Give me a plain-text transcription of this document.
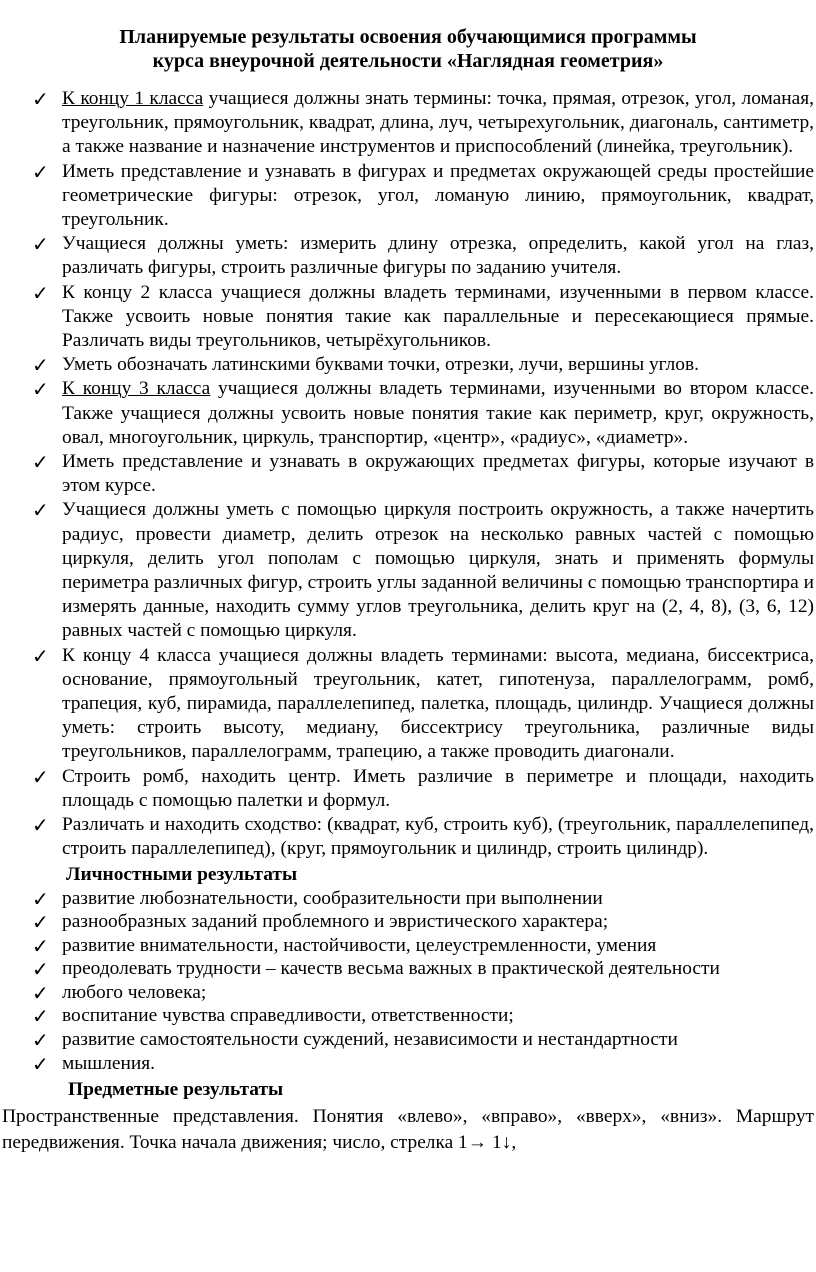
Планируемые результаты освоения обучающимися программы
курса внеурочной деятельности «Наглядная геометрия»
✓ К концу 1 класса учащиеся должны знать термины: точка, прямая, отрезок, угол, ломаная, треугольник, прямоугольник, квадрат, длина, луч, четырехугольник, диагональ, сантиметр, а также название и назначение инструментов и приспособлений (линейка, треугольник).
✓ Иметь представление и узнавать в фигурах и предметах окружающей среды простейшие геометрические фигуры: отрезок, угол, ломаную линию, прямоугольник, квадрат, треугольник.
✓ Учащиеся должны уметь: измерить длину отрезка, определить, какой угол на глаз, различать фигуры, строить различные фигуры по заданию учителя.
✓ К концу 2 класса учащиеся должны владеть терминами, изученными в первом классе. Также усвоить новые понятия такие как параллельные и пересекающиеся прямые. Различать виды треугольников, четырёхугольников.
✓ Уметь обозначать латинскими буквами точки, отрезки, лучи, вершины углов.
✓ К концу 3 класса учащиеся должны владеть терминами, изученными во втором классе. Также учащиеся должны усвоить новые понятия такие как периметр, круг, окружность, овал, многоугольник, циркуль, транспортир, «центр», «радиус», «диаметр».
✓ Иметь представление и узнавать в окружающих предметах фигуры, которые изучают в этом курсе.
✓ Учащиеся должны уметь с помощью циркуля построить окружность, а также начертить радиус, провести диаметр, делить отрезок на несколько равных частей с помощью циркуля, делить угол пополам с помощью циркуля, знать и применять формулы периметра различных фигур, строить углы заданной величины с помощью транспортира и измерять данные, находить сумму углов треугольника, делить круг на (2, 4, 8), (3, 6, 12) равных частей с помощью циркуля.
✓ К концу 4 класса учащиеся должны владеть терминами: высота, медиана, биссектриса, основание, прямоугольный треугольник, катет, гипотенуза, параллелограмм, ромб, трапеция, куб, пирамида, параллелепипед, палетка, площадь, цилиндр. Учащиеся должны уметь: строить высоту, медиану, биссектрису треугольника, различные виды треугольников, параллелограмм, трапецию, а также проводить диагонали.
✓ Строить ромб, находить центр. Иметь различие в периметре и площади, находить площадь с помощью палетки и формул.
✓ Различать и находить сходство: (квадрат, куб, строить куб), (треугольник, параллелепипед, строить параллелепипед), (круг, прямоугольник и цилиндр, строить цилиндр).
Личностными результаты
✓ развитие любознательности, сообразительности при выполнении
✓ разнообразных заданий проблемного и эвристического характера;
✓ развитие внимательности, настойчивости, целеустремленности, умения
✓ преодолевать трудности – качеств весьма важных в практической деятельности
✓ любого человека;
✓ воспитание чувства справедливости, ответственности;
✓ развитие самостоятельности суждений, независимости и нестандартности
✓ мышления.
Предметные результаты

Пространственные представления. Понятия «влево», «вправо», «вверх», «вниз». Маршрут передвижения. Точка начала движения; число, стрелка 1→ 1↓,
